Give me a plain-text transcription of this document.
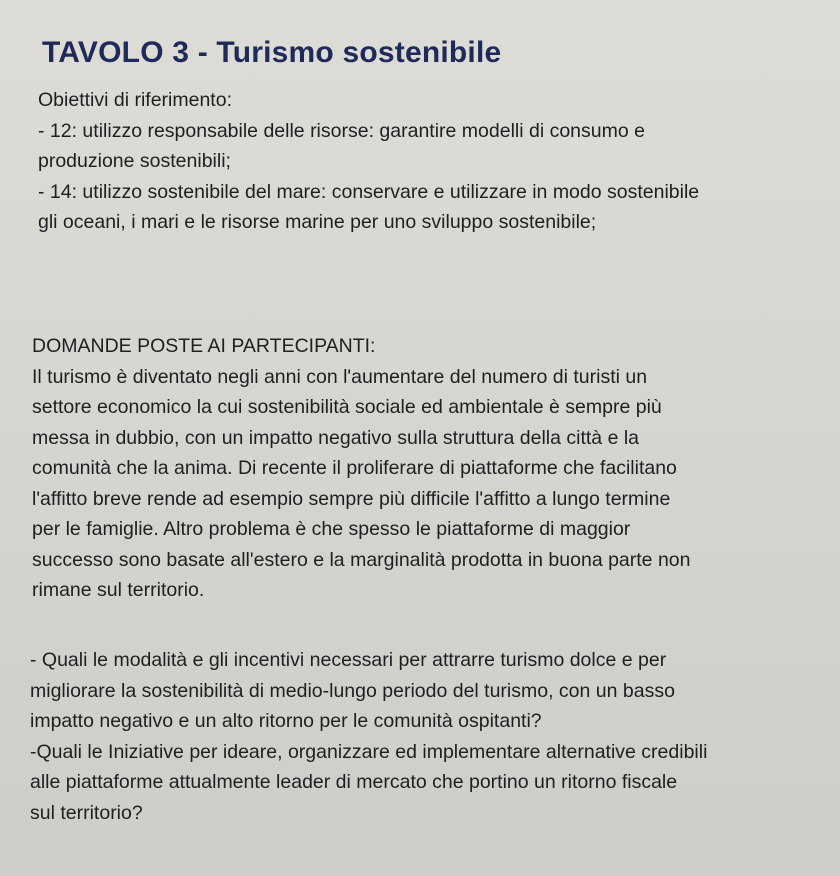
TAVOLO 3 - Turismo sostenibile
Obiettivi di riferimento:
- 12: utilizzo responsabile delle risorse: garantire modelli di consumo e
produzione sostenibili;
- 14: utilizzo sostenibile del mare: conservare e utilizzare in modo sostenibile
gli oceani, i mari e le risorse marine per uno sviluppo sostenibile;
DOMANDE POSTE AI PARTECIPANTI:
Il turismo è diventato negli anni con l'aumentare del numero di turisti un
settore economico la cui sostenibilità sociale ed ambientale è sempre più
messa in dubbio, con un impatto negativo sulla struttura della città e la
comunità che la anima. Di recente il proliferare di piattaforme che facilitano
l'affitto breve rende ad esempio sempre più difficile l'affitto a lungo termine
per le famiglie. Altro problema è che spesso le piattaforme di maggior
successo sono basate all'estero e la marginalità prodotta in buona parte non
rimane sul territorio.
- Quali le modalità e gli incentivi necessari per attrarre turismo dolce e per
migliorare la sostenibilità di medio-lungo periodo del turismo, con un basso
impatto negativo e un alto ritorno per le comunità ospitanti?
-Quali le Iniziative per ideare, organizzare ed implementare alternative credibili
alle piattaforme attualmente leader di mercato che portino un ritorno fiscale
sul territorio?
